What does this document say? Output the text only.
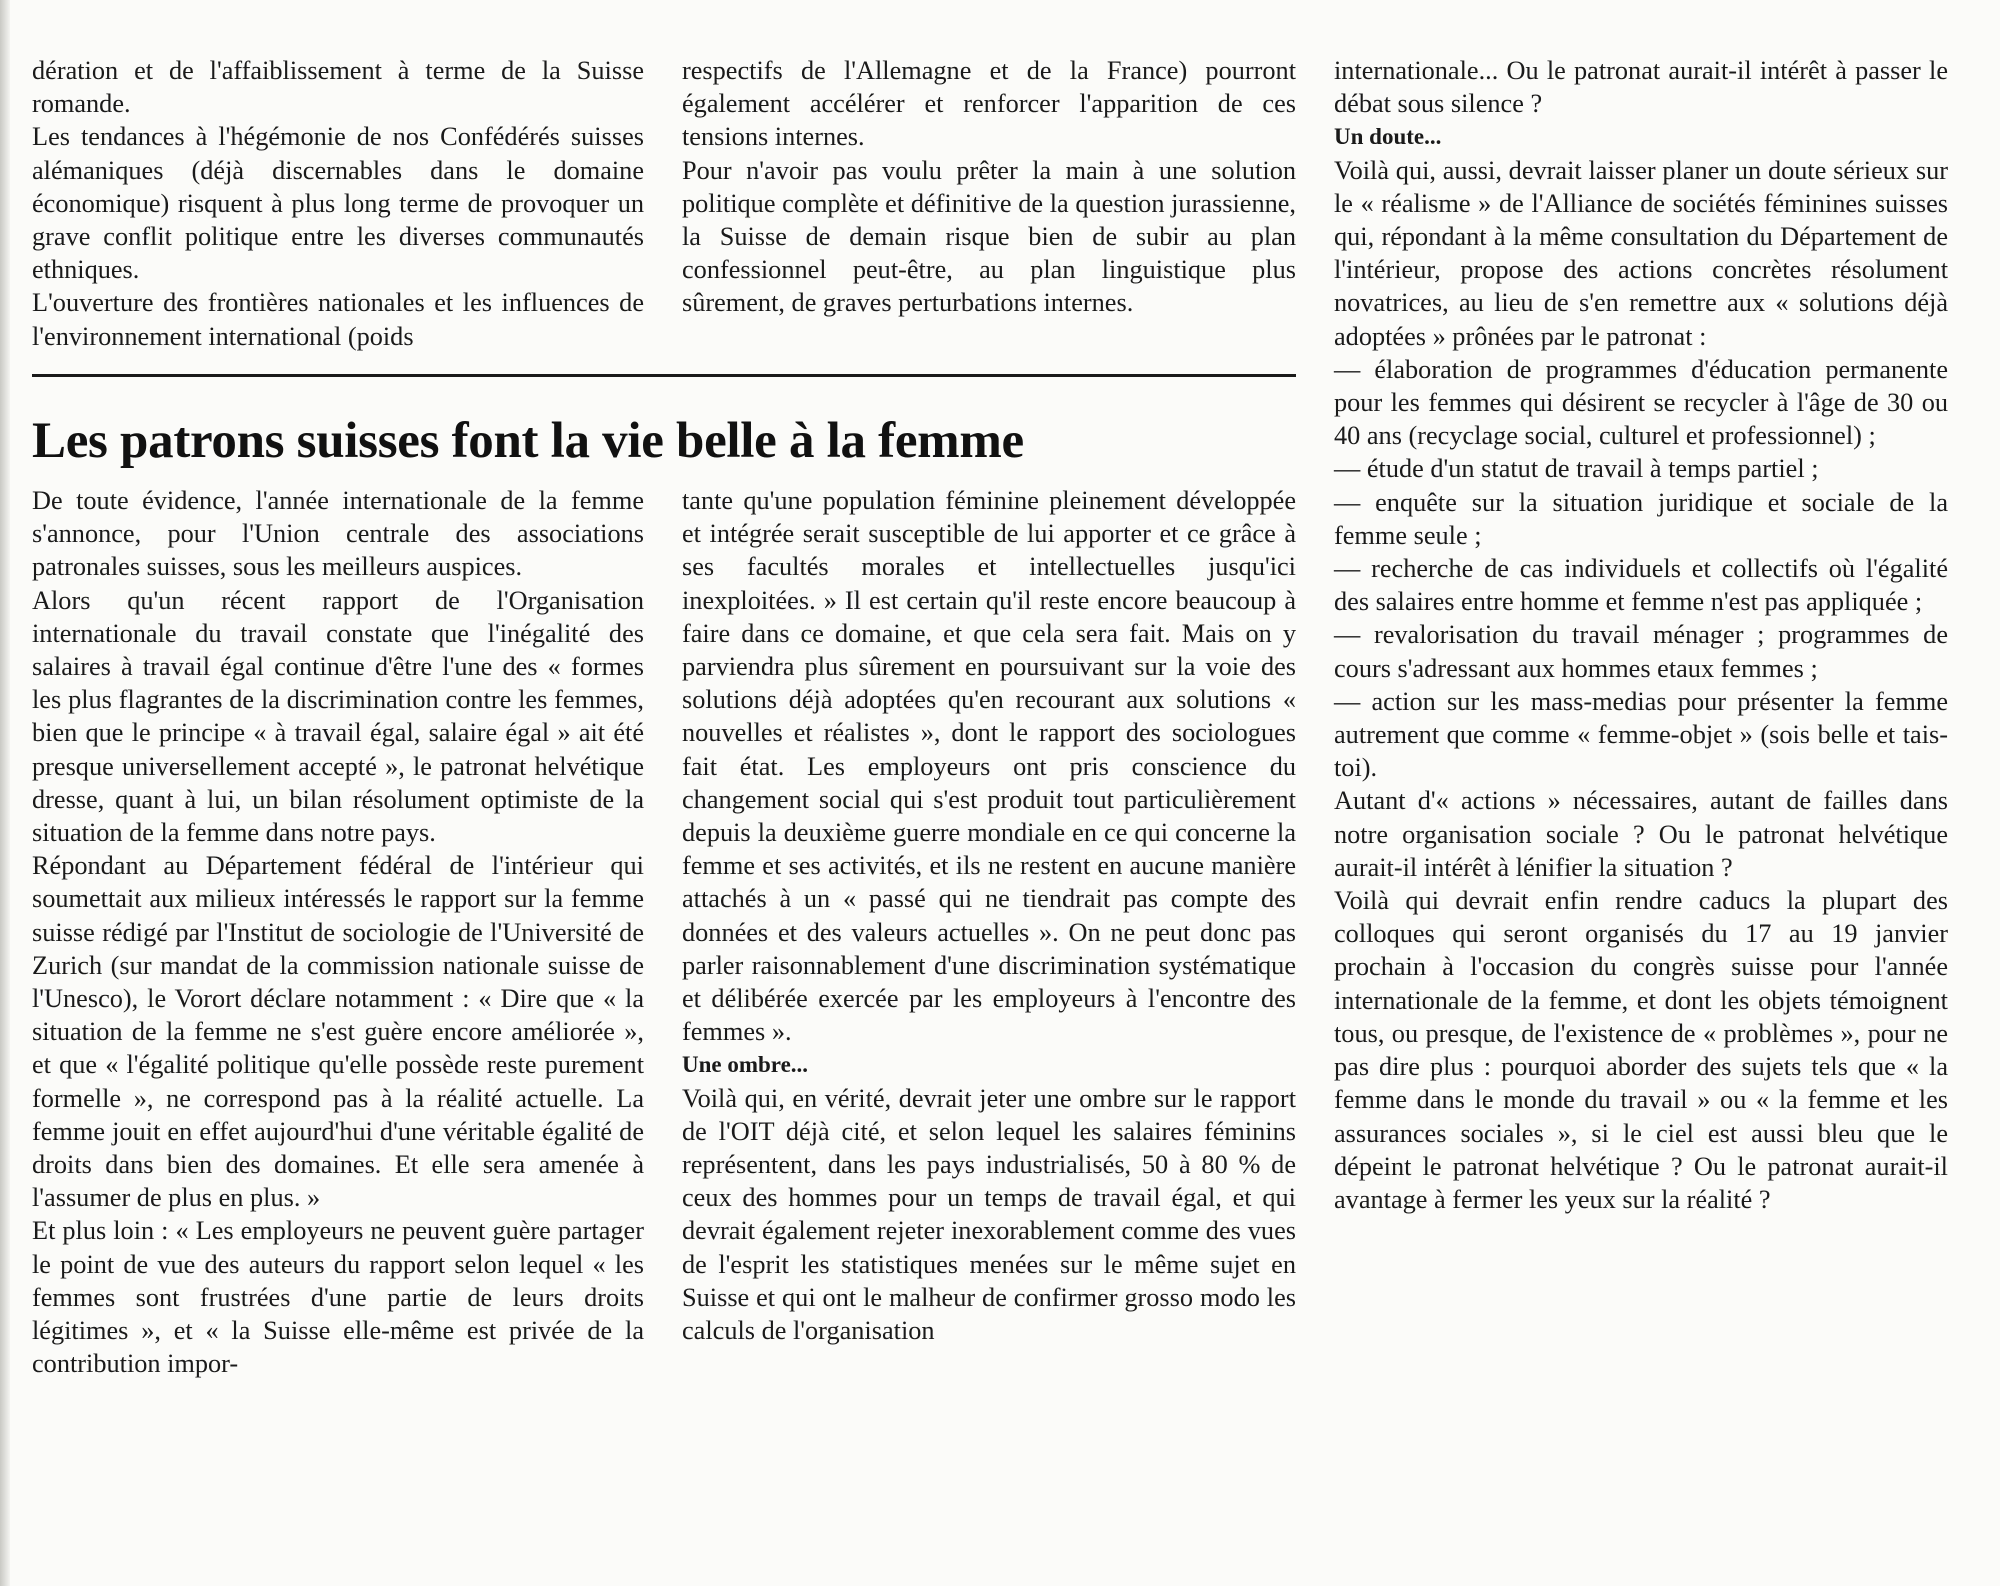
dération et de l'affaiblissement à terme de la Suisse romande.

Les tendances à l'hégémonie de nos Confédérés suisses alémaniques (déjà discernables dans le domaine économique) risquent à plus long terme de provoquer un grave conflit politique entre les diverses communautés ethniques.

L'ouverture des frontières nationales et les influences de l'environnement international (poids

respectifs de l'Allemagne et de la France) pourront également accélérer et renforcer l'apparition de ces tensions internes.

Pour n'avoir pas voulu prêter la main à une solution politique complète et définitive de la question jurassienne, la Suisse de demain risque bien de subir au plan confessionnel peut-être, au plan linguistique plus sûrement, de graves perturbations internes.

Les patrons suisses font la vie belle à la femme

De toute évidence, l'année internationale de la femme s'annonce, pour l'Union centrale des associations patronales suisses, sous les meilleurs auspices.

Alors qu'un récent rapport de l'Organisation internationale du travail constate que l'inégalité des salaires à travail égal continue d'être l'une des « formes les plus flagrantes de la discrimination contre les femmes, bien que le principe « à travail égal, salaire égal » ait été presque universellement accepté », le patronat helvétique dresse, quant à lui, un bilan résolument optimiste de la situation de la femme dans notre pays.

Répondant au Département fédéral de l'intérieur qui soumettait aux milieux intéressés le rapport sur la femme suisse rédigé par l'Institut de sociologie de l'Université de Zurich (sur mandat de la commission nationale suisse de l'Unesco), le Vorort déclare notamment : « Dire que « la situation de la femme ne s'est guère encore améliorée », et que « l'égalité politique qu'elle possède reste purement formelle », ne correspond pas à la réalité actuelle. La femme jouit en effet aujourd'hui d'une véritable égalité de droits dans bien des domaines. Et elle sera amenée à l'assumer de plus en plus. »

Et plus loin : « Les employeurs ne peuvent guère partager le point de vue des auteurs du rapport selon lequel « les femmes sont frustrées d'une partie de leurs droits légitimes », et « la Suisse elle-même est privée de la contribution impor-

tante qu'une population féminine pleinement développée et intégrée serait susceptible de lui apporter et ce grâce à ses facultés morales et intellectuelles jusqu'ici inexploitées. » Il est certain qu'il reste encore beaucoup à faire dans ce domaine, et que cela sera fait. Mais on y parviendra plus sûrement en poursuivant sur la voie des solutions déjà adoptées qu'en recourant aux solutions « nouvelles et réalistes », dont le rapport des sociologues fait état. Les employeurs ont pris conscience du changement social qui s'est produit tout particulièrement depuis la deuxième guerre mondiale en ce qui concerne la femme et ses activités, et ils ne restent en aucune manière attachés à un « passé qui ne tiendrait pas compte des données et des valeurs actuelles ». On ne peut donc pas parler raisonnablement d'une discrimination systématique et délibérée exercée par les employeurs à l'encontre des femmes ».

Une ombre...

Voilà qui, en vérité, devrait jeter une ombre sur le rapport de l'OIT déjà cité, et selon lequel les salaires féminins représentent, dans les pays industrialisés, 50 à 80 % de ceux des hommes pour un temps de travail égal, et qui devrait également rejeter inexorablement comme des vues de l'esprit les statistiques menées sur le même sujet en Suisse et qui ont le malheur de confirmer grosso modo les calculs de l'organisation

internationale... Ou le patronat aurait-il intérêt à passer le débat sous silence ?

Un doute...

Voilà qui, aussi, devrait laisser planer un doute sérieux sur le « réalisme » de l'Alliance de sociétés féminines suisses qui, répondant à la même consultation du Département de l'intérieur, propose des actions concrètes résolument novatrices, au lieu de s'en remettre aux « solutions déjà adoptées » prônées par le patronat :

— élaboration de programmes d'éducation permanente pour les femmes qui désirent se recycler à l'âge de 30 ou 40 ans (recyclage social, culturel et professionnel) ;

— étude d'un statut de travail à temps partiel ;

— enquête sur la situation juridique et sociale de la femme seule ;

— recherche de cas individuels et collectifs où l'égalité des salaires entre homme et femme n'est pas appliquée ;

— revalorisation du travail ménager ; programmes de cours s'adressant aux hommes etaux femmes ;

— action sur les mass-medias pour présenter la femme autrement que comme « femme-objet » (sois belle et tais-toi).

Autant d'« actions » nécessaires, autant de failles dans notre organisation sociale ? Ou le patronat helvétique aurait-il intérêt à lénifier la situation ?

Voilà qui devrait enfin rendre caducs la plupart des colloques qui seront organisés du 17 au 19 janvier prochain à l'occasion du congrès suisse pour l'année internationale de la femme, et dont les objets témoignent tous, ou presque, de l'existence de « problèmes », pour ne pas dire plus : pourquoi aborder des sujets tels que « la femme dans le monde du travail » ou « la femme et les assurances sociales », si le ciel est aussi bleu que le dépeint le patronat helvétique ? Ou le patronat aurait-il avantage à fermer les yeux sur la réalité ?
